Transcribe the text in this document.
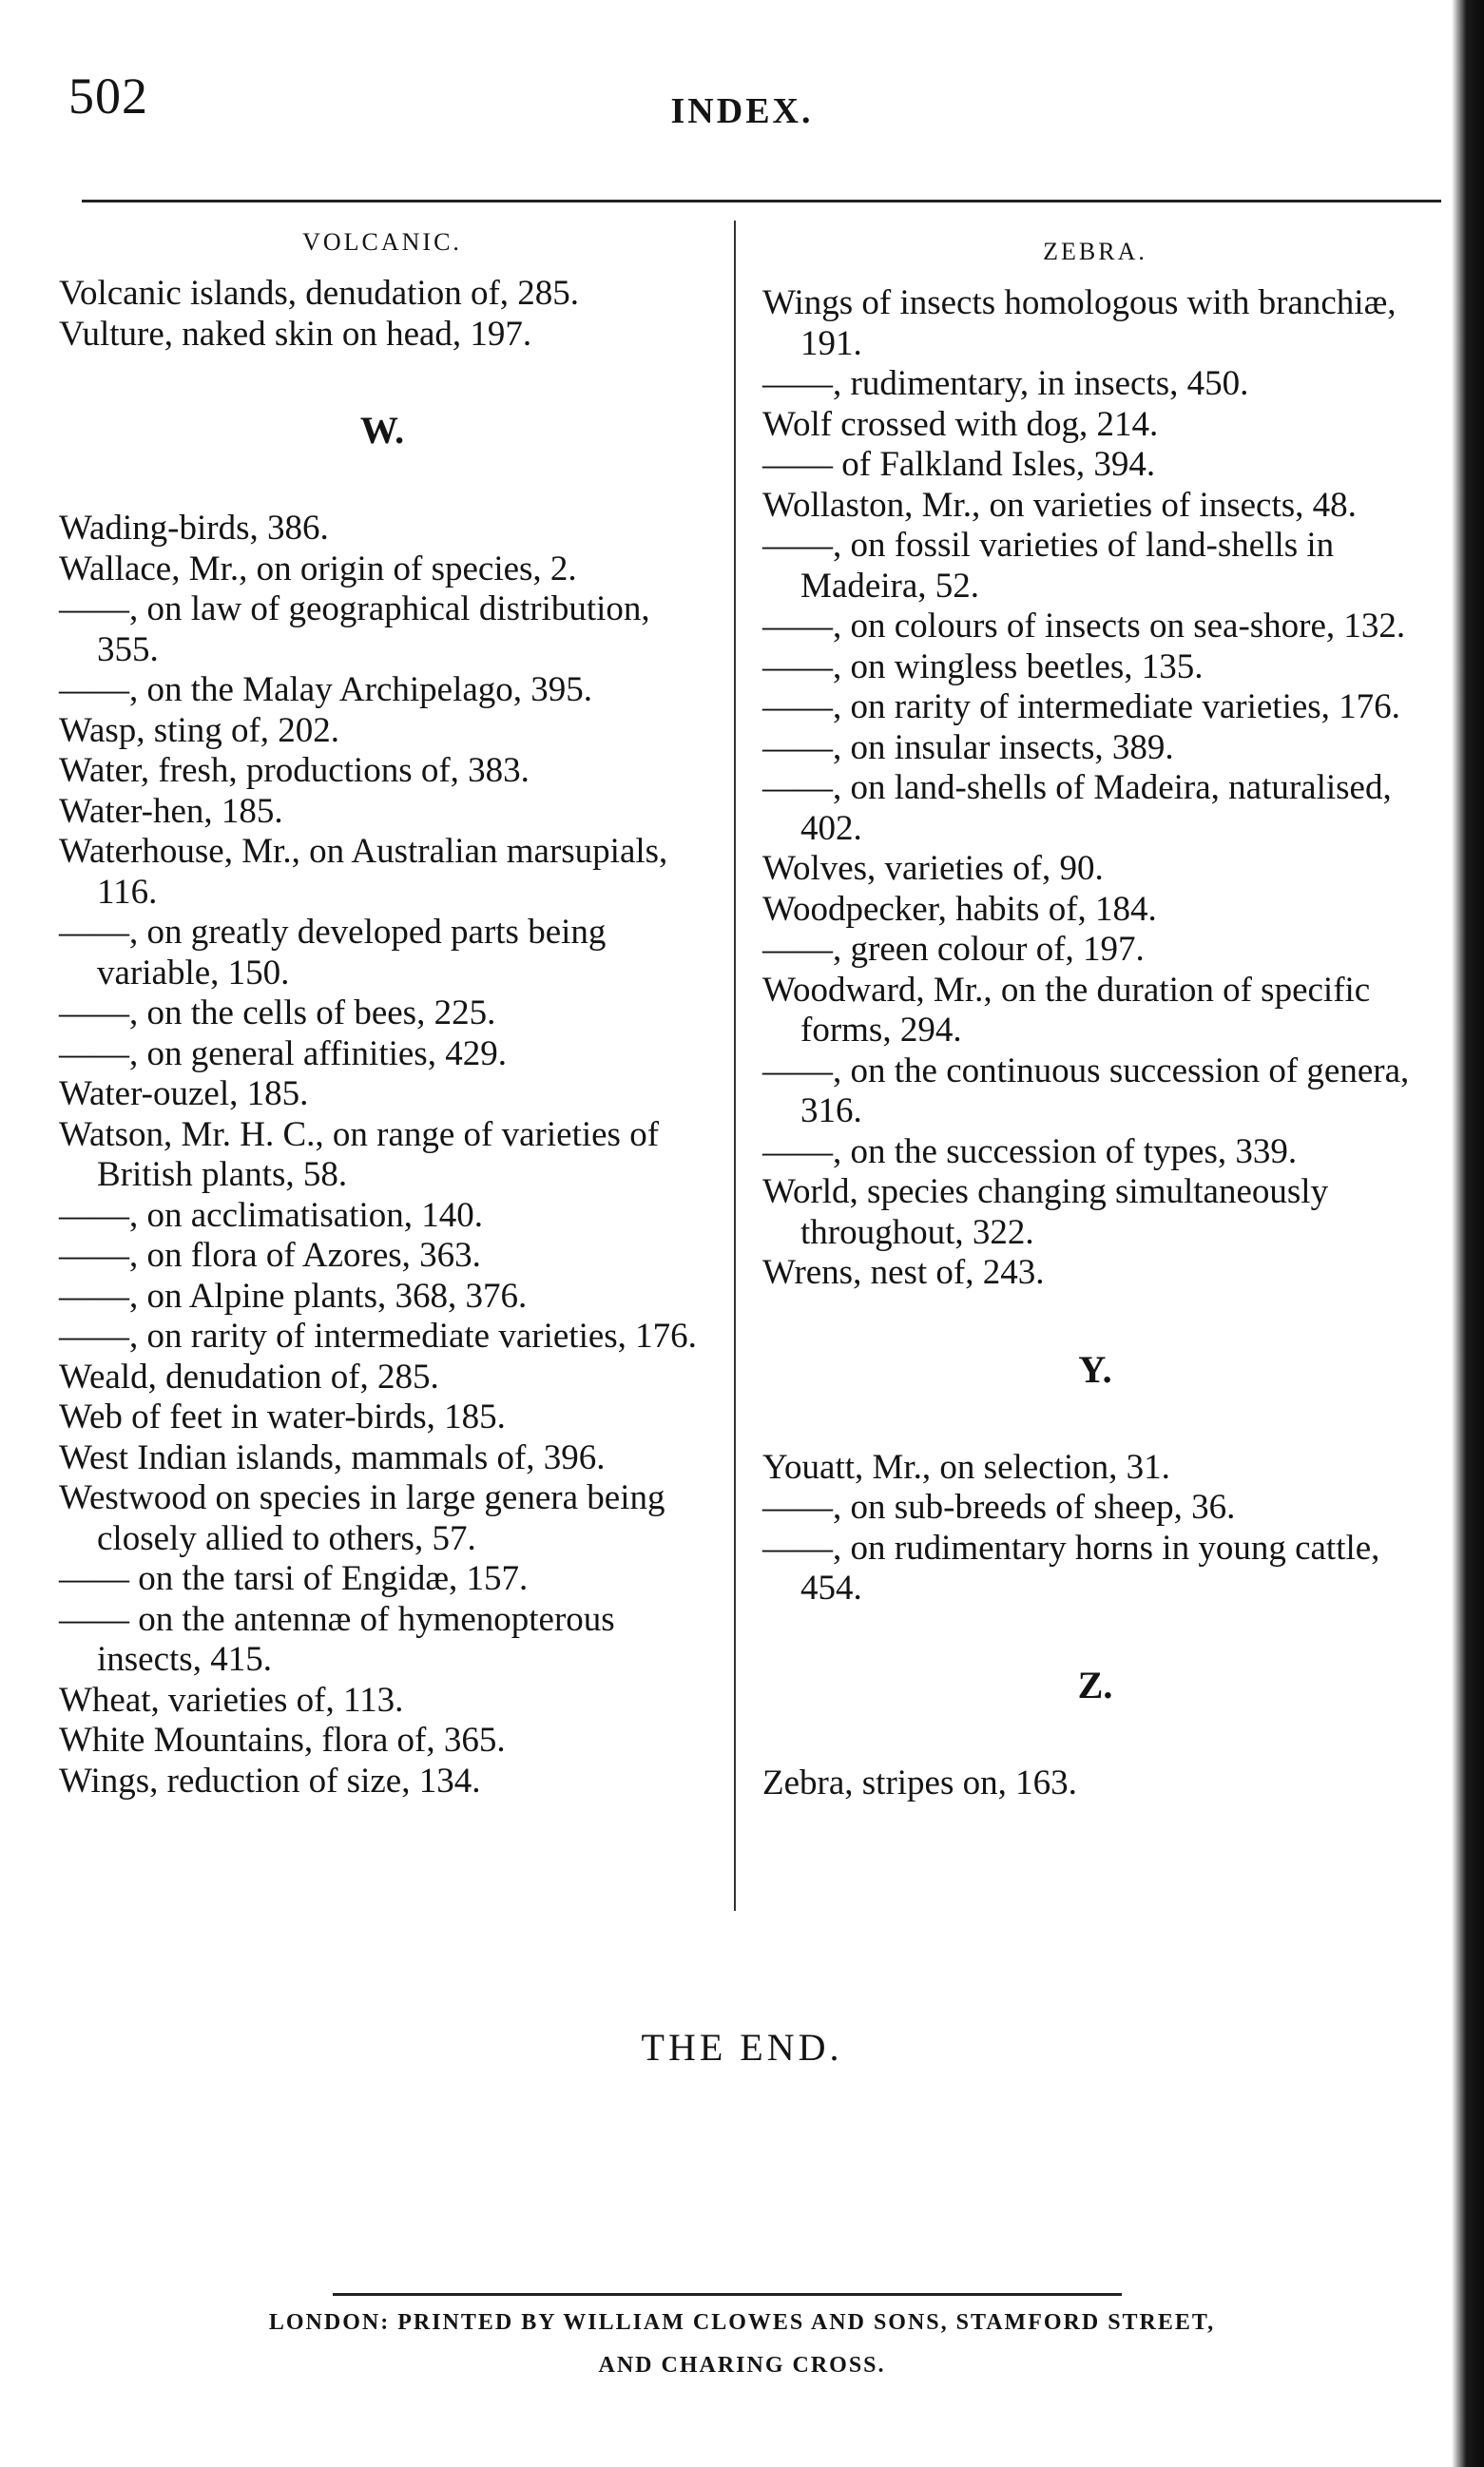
502	INDEX.
VOLCANIC.

Volcanic islands, denudation of, 285.

Vulture, naked skin on head, 197.

W.

Wading-birds, 386.

Wallace, Mr., on origin of species, 2.

——, on law of geographical distribution, 355.

——, on the Malay Archipelago, 395.

Wasp, sting of, 202.

Water, fresh, productions of, 383.

Water-hen, 185.

Waterhouse, Mr., on Australian marsupials, 116.

——, on greatly developed parts being variable, 150.

——, on the cells of bees, 225.

——, on general affinities, 429.

Water-ouzel, 185.

Watson, Mr. H. C., on range of varieties of British plants, 58.

——, on acclimatisation, 140.

——, on flora of Azores, 363.

——, on Alpine plants, 368, 376.

——, on rarity of intermediate varieties, 176.

Weald, denudation of, 285.

Web of feet in water-birds, 185.

West Indian islands, mammals of, 396.

Westwood on species in large genera being closely allied to others, 57.

—— on the tarsi of Engidæ, 157.

—— on the antennæ of hymenopterous insects, 415.

Wheat, varieties of, 113.

White Mountains, flora of, 365.

Wings, reduction of size, 134.

ZEBRA.

Wings of insects homologous with branchiæ, 191.

——, rudimentary, in insects, 450.

Wolf crossed with dog, 214.

—— of Falkland Isles, 394.

Wollaston, Mr., on varieties of insects, 48.

——, on fossil varieties of land-shells in Madeira, 52.

——, on colours of insects on sea-shore, 132.

——, on wingless beetles, 135.

——, on rarity of intermediate varieties, 176.

——, on insular insects, 389.

——, on land-shells of Madeira, naturalised, 402.

Wolves, varieties of, 90.

Woodpecker, habits of, 184.

——, green colour of, 197.

Woodward, Mr., on the duration of specific forms, 294.

——, on the continuous succession of genera, 316.

——, on the succession of types, 339.

World, species changing simultaneously throughout, 322.

Wrens, nest of, 243.

Y.

Youatt, Mr., on selection, 31.

——, on sub-breeds of sheep, 36.

——, on rudimentary horns in young cattle, 454.

Z.

Zebra, stripes on, 163.

THE END.
LONDON: PRINTED BY WILLIAM CLOWES AND SONS, STAMFORD STREET,
AND CHARING CROSS.
